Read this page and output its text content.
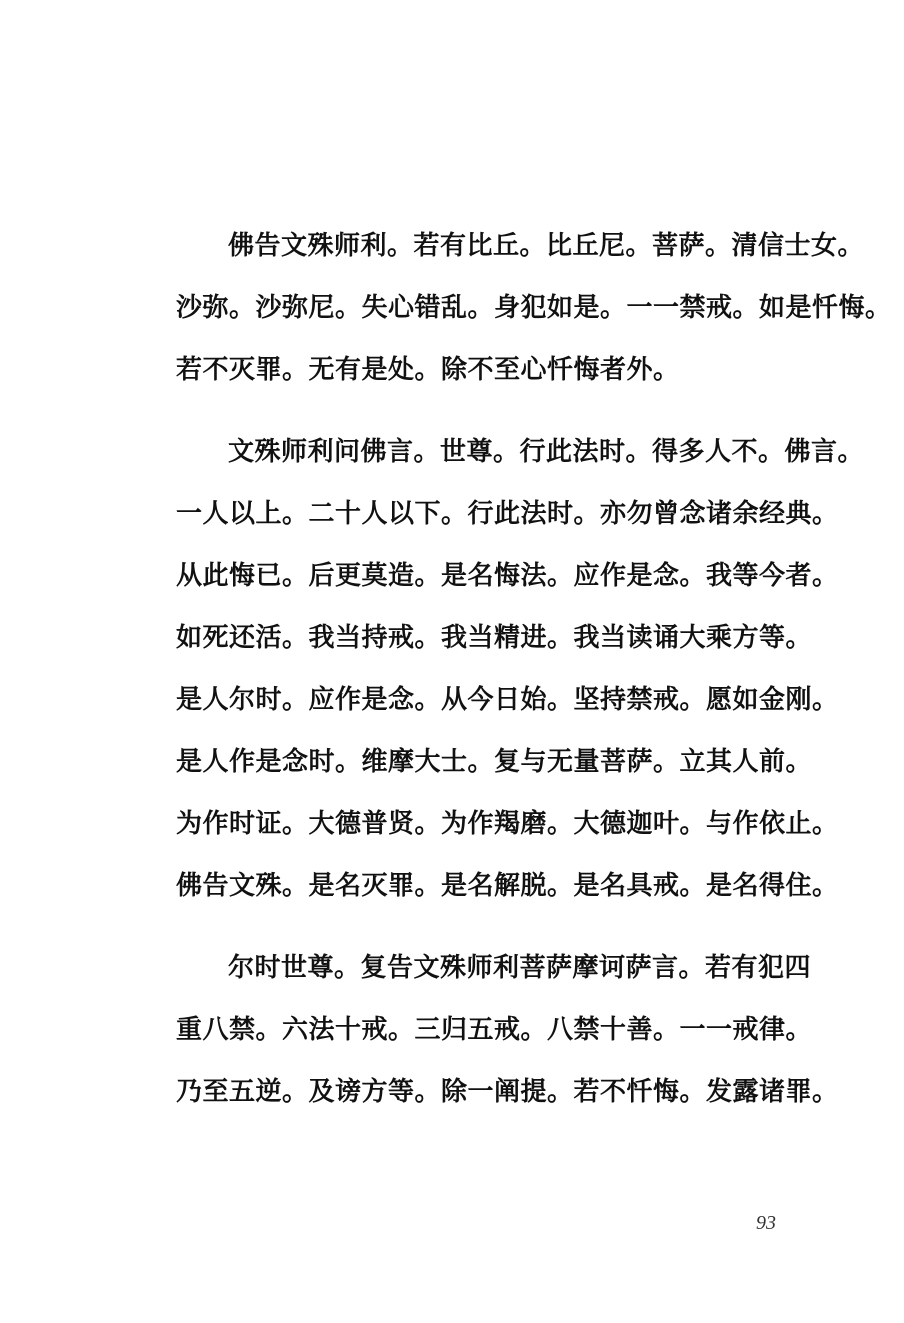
佛告文殊师利。若有比丘。比丘尼。菩萨。清信士女。
沙弥。沙弥尼。失心错乱。身犯如是。一一禁戒。如是忏悔。
若不灭罪。无有是处。除不至心忏悔者外。
文殊师利问佛言。世尊。行此法时。得多人不。佛言。
一人以上。二十人以下。行此法时。亦勿曾念诸余经典。
从此悔已。后更莫造。是名悔法。应作是念。我等今者。
如死还活。我当持戒。我当精进。我当读诵大乘方等。
是人尔时。应作是念。从今日始。坚持禁戒。愿如金刚。
是人作是念时。维摩大士。复与无量菩萨。立其人前。
为作时证。大德普贤。为作羯磨。大德迦叶。与作依止。
佛告文殊。是名灭罪。是名解脱。是名具戒。是名得住。
尔时世尊。复告文殊师利菩萨摩诃萨言。若有犯四
重八禁。六法十戒。三归五戒。八禁十善。一一戒律。
乃至五逆。及谤方等。除一阐提。若不忏悔。发露诸罪。
93
